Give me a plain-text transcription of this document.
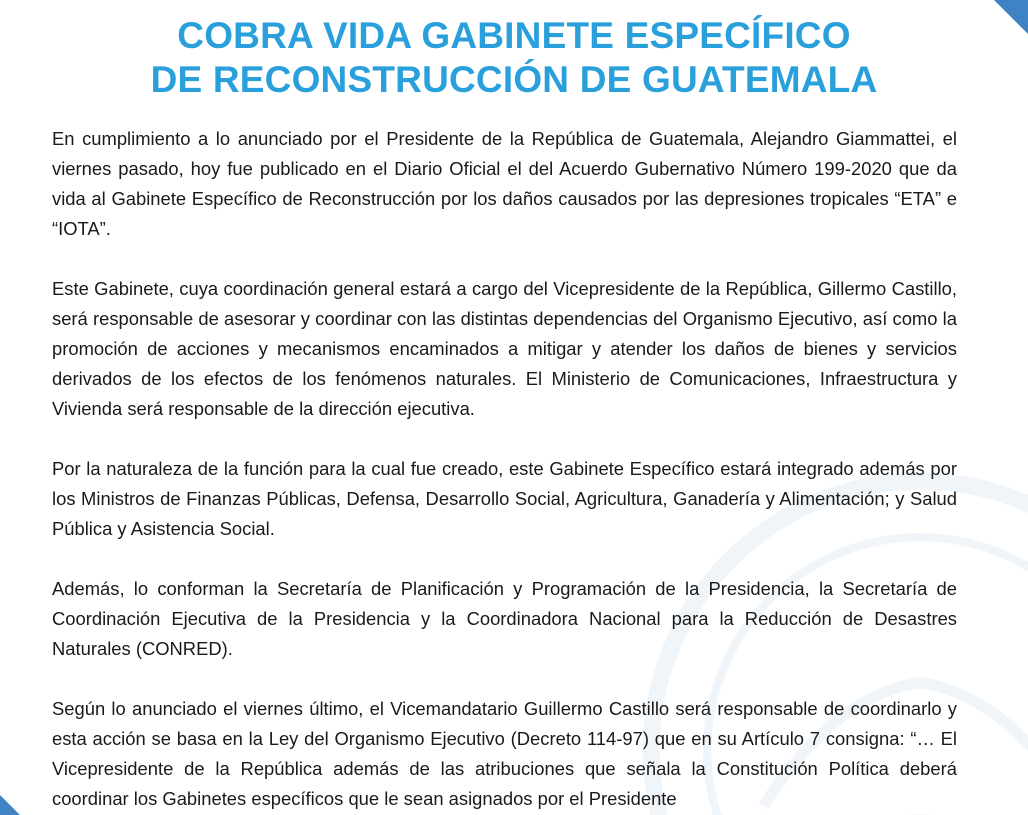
COBRA VIDA GABINETE ESPECÍFICO
DE RECONSTRUCCIÓN DE GUATEMALA

En cumplimiento a lo anunciado por el Presidente de la República de Guatemala, Alejandro Giammattei, el viernes pasado, hoy fue publicado en el Diario Oficial el del Acuerdo Gubernativo Número 199-2020 que da vida al Gabinete Específico de Reconstrucción por los daños causados por las depresiones tropicales “ETA” e “IOTA”.

Este Gabinete, cuya coordinación general estará a cargo del Vicepresidente de la República, Gillermo Castillo, será responsable de asesorar y coordinar con las distintas dependencias del Organismo Ejecutivo, así como la promoción de acciones y mecanismos encaminados a mitigar y atender los daños de bienes y servicios derivados de los efectos de los fenómenos naturales. El Ministerio de Comunicaciones, Infraestructura y Vivienda será responsable de la dirección ejecutiva.

Por la naturaleza de la función para la cual fue creado, este Gabinete Específico estará integrado además por los Ministros de Finanzas Públicas, Defensa, Desarrollo Social, Agricultura, Ganadería y Alimentación; y Salud Pública y Asistencia Social.

Además, lo conforman la Secretaría de Planificación y Programación de la Presidencia, la Secretaría de Coordinación Ejecutiva de la Presidencia y la Coordinadora Nacional para la Reducción de Desastres Naturales (CONRED).

Según lo anunciado el viernes último, el Vicemandatario Guillermo Castillo será responsable de coordinarlo y esta acción se basa en la Ley del Organismo Ejecutivo (Decreto 114-97) que en su Artículo 7 consigna: “… El Vicepresidente de la República además de las atribuciones que señala la Constitución Política deberá coordinar los Gabinetes específicos que le sean asignados por el Presidente
